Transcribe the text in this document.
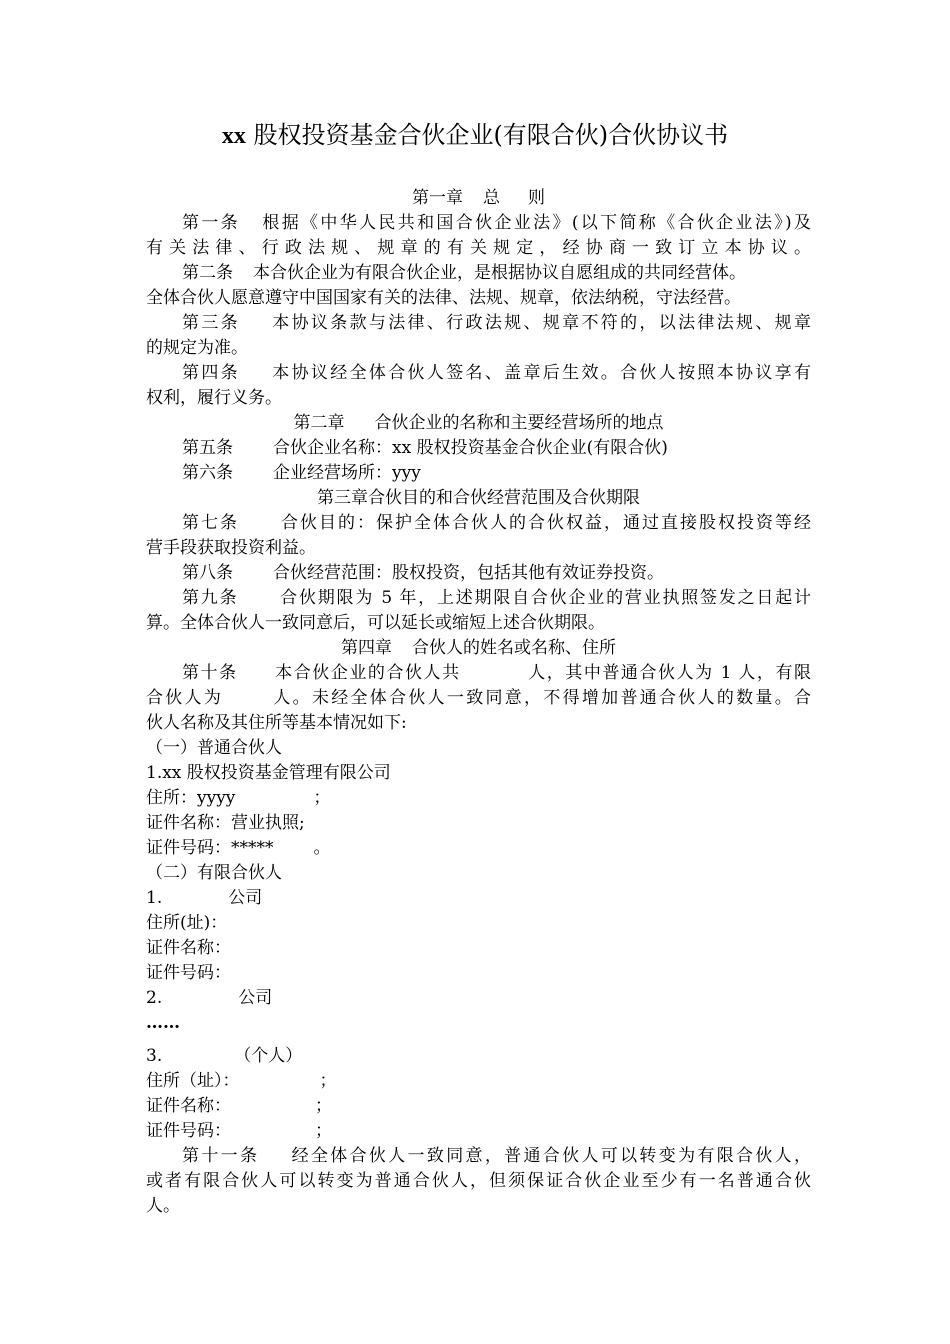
xx 股权投资基金合伙企业(有限合伙)合伙协议书
第一章 总 则
第一条 根据《中华人民共和国合伙企业法》(以下简称《合伙企业法》)及
有关法律、行政法规、规章的有关规定，经协商一致订立本协议。
第二条 本合伙企业为有限合伙企业，是根据协议自愿组成的共同经营体。
全体合伙人愿意遵守中国国家有关的法律、法规、规章，依法纳税，守法经营。
第三条 本协议条款与法律、行政法规、规章不符的，以法律法规、规章
的规定为准。
第四条 本协议经全体合伙人签名、盖章后生效。合伙人按照本协议享有
权利，履行义务。
第二章 合伙企业的名称和主要经营场所的地点
第五条 合伙企业名称：xx 股权投资基金合伙企业(有限合伙)
第六条 企业经营场所：yyy
第三章合伙目的和合伙经营范围及合伙期限
第七条 合伙目的：保护全体合伙人的合伙权益，通过直接股权投资等经
营手段获取投资利益。
第八条 合伙经营范围：股权投资，包括其他有效证券投资。
第九条 合伙期限为 5 年，上述期限自合伙企业的营业执照签发之日起计
算。全体合伙人一致同意后，可以延长或缩短上述合伙期限。
第四章 合伙人的姓名或名称、住所
第十条 本合伙企业的合伙人共	人，其中普通合伙人为 1 人，有限
合伙人为	人。未经全体合伙人一致同意，不得增加普通合伙人的数量。合
伙人名称及其住所等基本情况如下:
（一）普通合伙人
1.xx 股权投资基金管理有限公司
住所：yyyy	；
证件名称：营业执照;
证件号码：***** 。
（二）有限合伙人
1.	公司
住所(址)：
证件名称：
证件号码：
2.	公司
……
3.	（个人）
住所（址）：	；
证件名称：	；
证件号码：	；
第十一条 经全体合伙人一致同意，普通合伙人可以转变为有限合伙人，
或者有限合伙人可以转变为普通合伙人，但须保证合伙企业至少有一名普通合伙
人。
